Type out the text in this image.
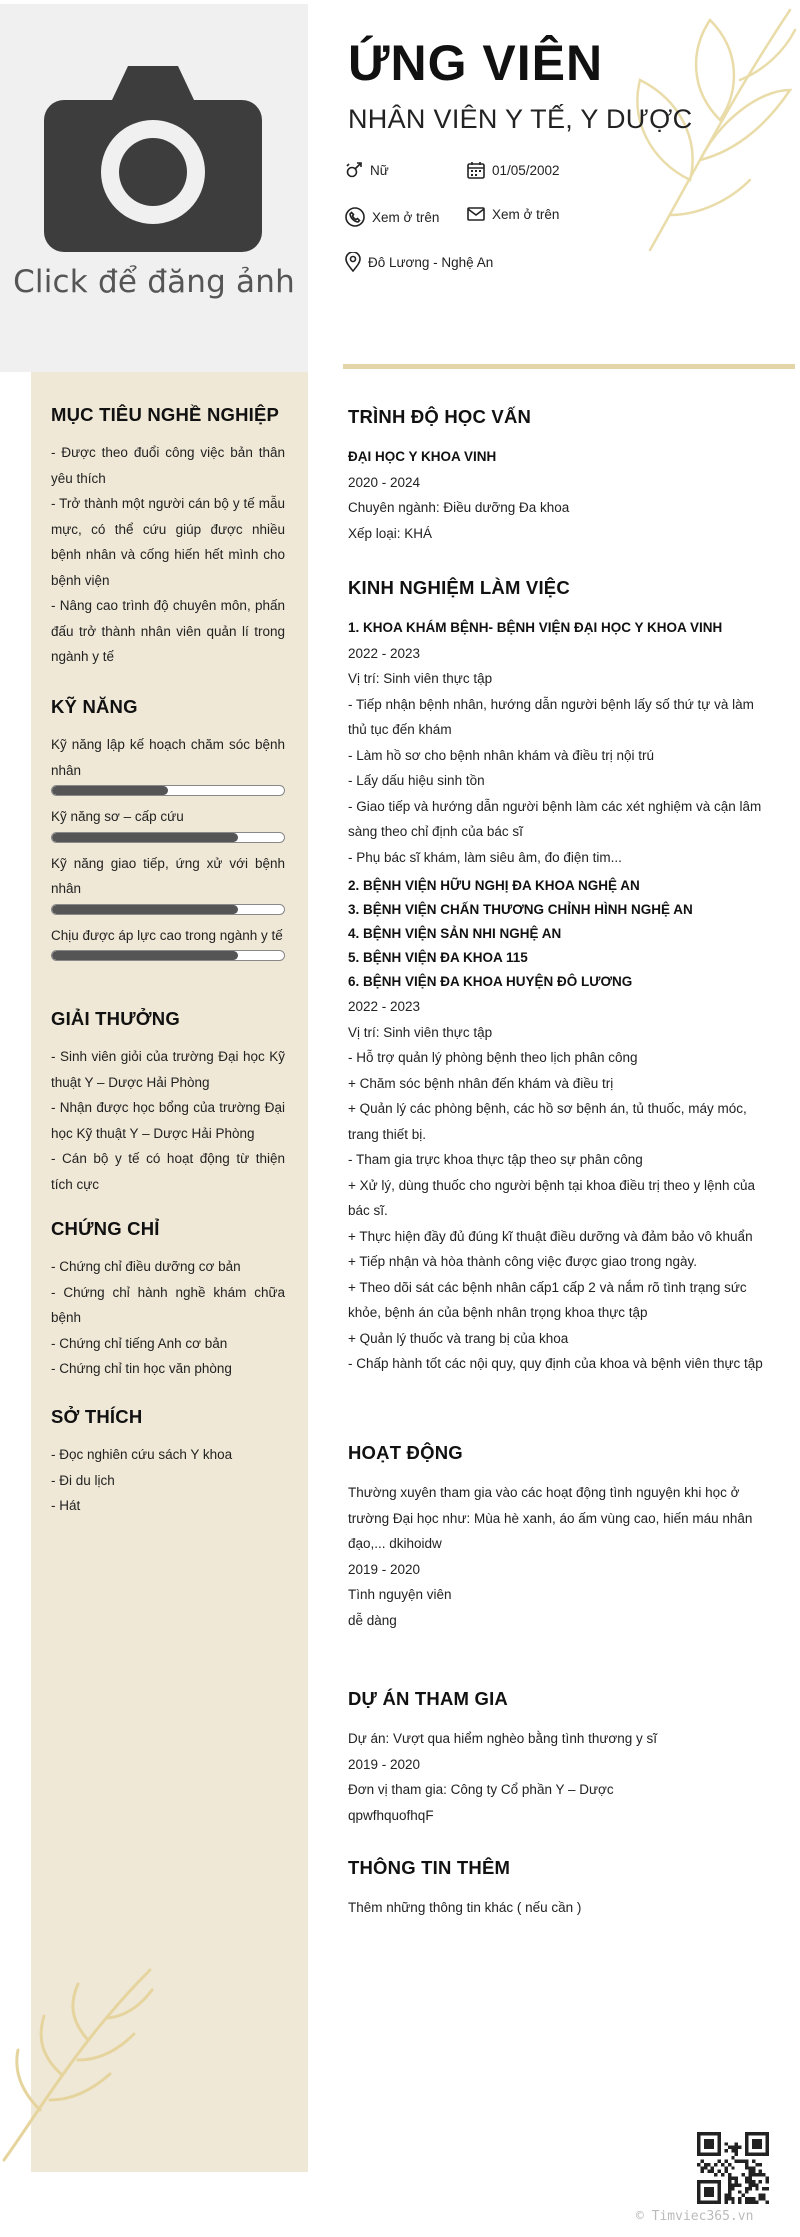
Click để đăng ảnh
MỤC TIÊU NGHỀ NGHIỆP
- Được theo đuổi công việc bản thân yêu thích
- Trở thành một người cán bộ y tế mẫu mực, có thể cứu giúp được nhiều bệnh nhân và cống hiến hết mình cho bệnh viện
- Nâng cao trình độ chuyên môn, phấn đấu trở thành nhân viên quản lí trong ngành y tế
KỸ NĂNG
Kỹ năng lập kế hoạch chăm sóc bệnh nhân
Kỹ năng sơ – cấp cứu
Kỹ năng giao tiếp, ứng xử với bệnh nhân
Chịu được áp lực cao trong ngành y tế
GIẢI THƯỞNG
- Sinh viên giỏi của trường Đại học Kỹ thuật Y – Dược Hải Phòng
- Nhận được học bổng của trường Đại học Kỹ thuật Y – Dược Hải Phòng
- Cán bộ y tế có hoạt động từ thiện tích cực
CHỨNG CHỈ
- Chứng chỉ điều dưỡng cơ bản
- Chứng chỉ hành nghề khám chữa bệnh
- Chứng chỉ tiếng Anh cơ bản
- Chứng chỉ tin học văn phòng
SỞ THÍCH
- Đọc nghiên cứu sách Y khoa
- Đi du lịch
- Hát
ỨNG VIÊN
NHÂN VIÊN Y TẾ, Y DƯỢC
Nữ	01/05/2002
Xem ở trên	Xem ở trên
Đô Lương - Nghệ An
TRÌNH ĐỘ HỌC VẤN
ĐẠI HỌC Y KHOA VINH
2020 - 2024
Chuyên ngành: Điều dưỡng Đa khoa
Xếp loại: KHÁ
KINH NGHIỆM LÀM VIỆC
1. KHOA KHÁM BỆNH- BỆNH VIỆN ĐẠI HỌC Y KHOA VINH
2022 - 2023
Vị trí: Sinh viên thực tập
- Tiếp nhận bệnh nhân, hướng dẫn người bệnh lấy số thứ tự và làm thủ tục đến khám
- Làm hồ sơ cho bệnh nhân khám và điều trị nội trú
- Lấy dấu hiệu sinh tồn
- Giao tiếp và hướng dẫn người bệnh làm các xét nghiệm và cận lâm sàng theo chỉ định của bác sĩ
- Phụ bác sĩ khám, làm siêu âm, đo điện tim...
2. BỆNH VIỆN HỮU NGHỊ ĐA KHOA NGHỆ AN
3. BỆNH VIỆN CHẤN THƯƠNG CHỈNH HÌNH NGHỆ AN
4. BỆNH VIỆN SẢN NHI NGHỆ AN
5. BỆNH VIỆN ĐA KHOA 115
6. BỆNH VIỆN ĐA KHOA HUYỆN ĐÔ LƯƠNG
2022 - 2023
Vị trí: Sinh viên thực tập
- Hỗ trợ quản lý phòng bệnh theo lịch phân công
+ Chăm sóc bệnh nhân đến khám và điều trị
+ Quản lý các phòng bệnh, các hồ sơ bệnh án, tủ thuốc, máy móc, trang thiết bị.
- Tham gia trực khoa thực tập theo sự phân công
+ Xử lý, dùng thuốc cho người bệnh tại khoa điều trị theo y lệnh của bác sĩ.
+ Thực hiện đầy đủ đúng kĩ thuật điều dưỡng và đảm bảo vô khuẩn
+ Tiếp nhận và hòa thành công việc được giao trong ngày.
+ Theo dõi sát các bệnh nhân cấp1 cấp 2 và nắm rõ tình trạng sức khỏe, bệnh án của bệnh nhân trọng khoa thực tập
+ Quản lý thuốc và trang bị của khoa
- Chấp hành tốt các nội quy, quy định của khoa và bệnh viên thực tập
HOẠT ĐỘNG
Thường xuyên tham gia vào các hoạt động tình nguyện khi học ở trường Đại học như: Mùa hè xanh, áo ấm vùng cao, hiến máu nhân đạo,... dkihoidw
2019 - 2020
Tình nguyện viên
dễ dàng
DỰ ÁN THAM GIA
Dự án: Vượt qua hiểm nghèo bằng tình thương y sĩ
2019 - 2020
Đơn vị tham gia: Công ty Cổ phần Y – Dược
qpwfhquofhqF
THÔNG TIN THÊM
Thêm những thông tin khác ( nếu cần )
© Timviec365.vn
